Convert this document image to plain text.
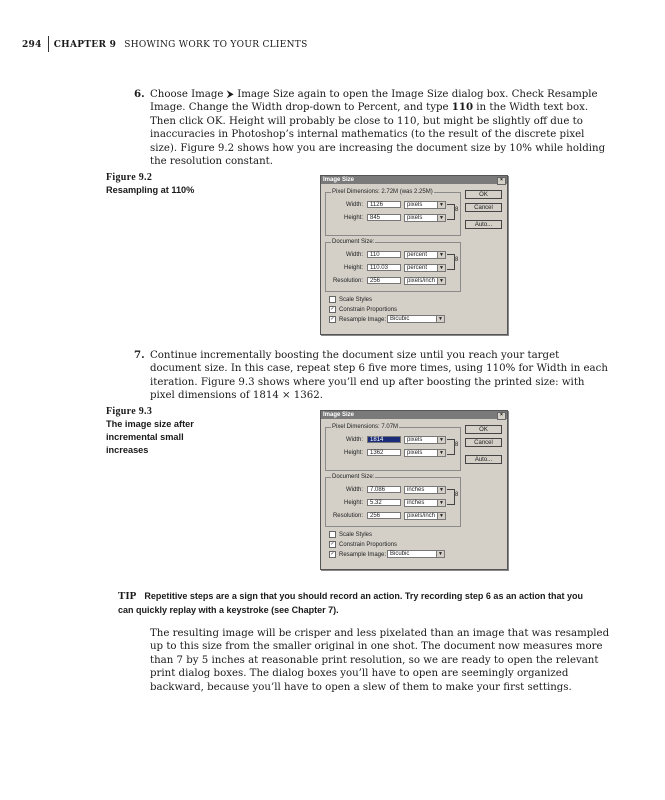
294 CHAPTER 9 SHOWING WORK TO YOUR CLIENTS
6. Choose Image ⮞ Image Size again to open the Image Size dialog box. Check Resample Image. Change the Width drop-down to Percent, and type 110 in the Width text box. Then click OK. Height will probably be close to 110, but might be slightly off due to inaccuracies in Photoshop’s internal mathematics (to the result of the discrete pixel size). Figure 9.2 shows how you are increasing the document size by 10% while holding the resolution constant.
Figure 9.2
Resampling at 110%
Image Size	×
Pixel Dimensions: 2.72M (was 2.25M)
Width:	1126	pixels	▼
Height:	845	pixels	▼
8
Document Size:
Width:	110	percent	▼
Height:	110.03	percent	▼
8
Resolution:	256	pixels/inch ▼
OK
Cancel
Auto...
Scale Styles
✓ Constrain Proportions
✓ Resample Image: Bicubic	▼
7. Continue incrementally boosting the document size until you reach your target document size. In this case, repeat step 6 five more times, using 110% for Width in each iteration. Figure 9.3 shows where you’ll end up after boosting the printed size: with pixel dimensions of 1814 × 1362.
Figure 9.3
The image size after incremental small increases
Image Size	×
Pixel Dimensions: 7.07M
Width:	1814	pixels	▼
Height:	1362	pixels	▼
8
Document Size:
Width:	7.086	inches	▼
Height:	5.32	inches	▼
8
Resolution:	256	pixels/inch ▼
OK
Cancel
Auto...
Scale Styles
✓ Constrain Proportions
✓ Resample Image: Bicubic	▼
TIP Repetitive steps are a sign that you should record an action. Try recording step 6 as an action that you can quickly replay with a keystroke (see Chapter 7).
The resulting image will be crisper and less pixelated than an image that was resampled up to this size from the smaller original in one shot. The document now measures more than 7 by 5 inches at reasonable print resolution, so we are ready to open the relevant print dialog boxes. The dialog boxes you’ll have to open are seemingly organized backward, because you’ll have to open a slew of them to make your first settings.
